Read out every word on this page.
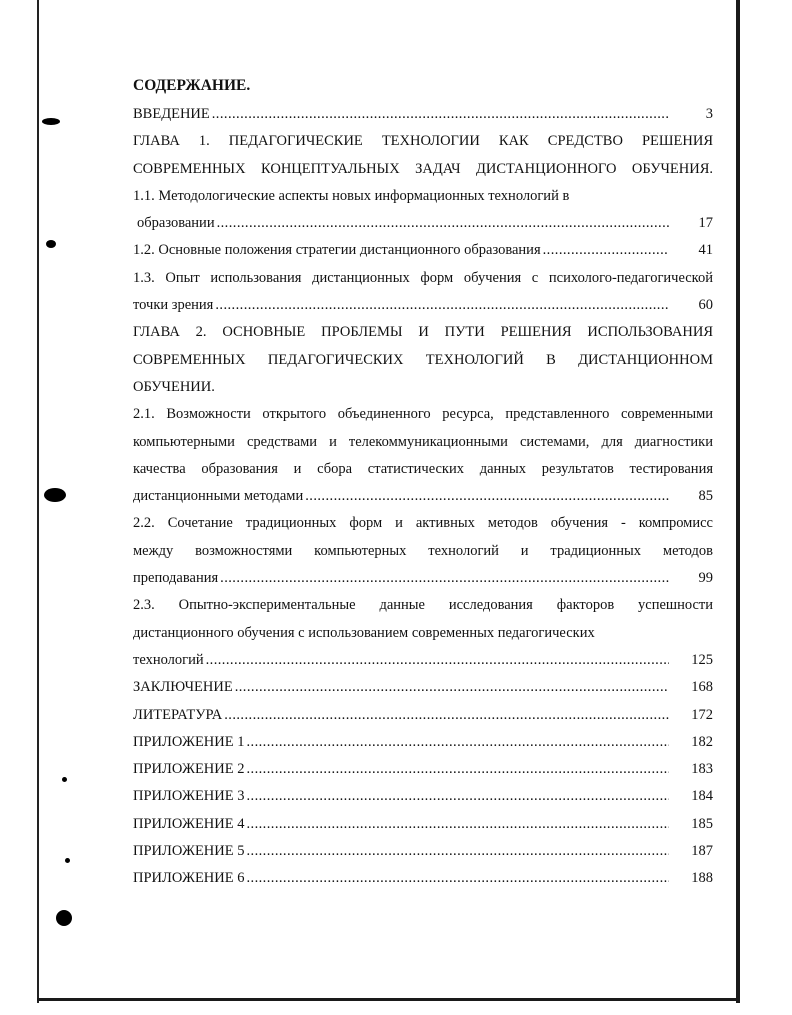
СОДЕРЖАНИЕ.
ВВЕДЕНИЕ . . .	3
ГЛАВА 1. ПЕДАГОГИЧЕСКИЕ ТЕХНОЛОГИИ КАК СРЕДСТВО РЕШЕНИЯ
СОВРЕМЕННЫХ КОНЦЕПТУАЛЬНЫХ ЗАДАЧ ДИСТАНЦИОННОГО ОБУЧЕНИЯ.
1.1. Методологические аспекты новых информационных технологий в
образовании . . .	17
1.2. Основные положения стратегии дистанционного образования . . .	41
1.3. Опыт использования дистанционных форм обучения с психолого-педагогической
точки зрения . . .	60
ГЛАВА 2. ОСНОВНЫЕ ПРОБЛЕМЫ И ПУТИ РЕШЕНИЯ ИСПОЛЬЗОВАНИЯ
СОВРЕМЕННЫХ ПЕДАГОГИЧЕСКИХ ТЕХНОЛОГИЙ В ДИСТАНЦИОННОМ
ОБУЧЕНИИ.
2.1. Возможности открытого объединенного ресурса, представленного современными
компьютерными средствами и телекоммуникационными системами, для диагностики
качества образования и сбора статистических данных результатов тестирования
дистанционными методами . . .	85
2.2. Сочетание традиционных форм и активных методов обучения - компромисс
между возможностями компьютерных технологий и традиционных методов
преподавания . . .	99
2.3. Опытно-экспериментальные данные исследования факторов успешности
дистанционного обучения с использованием современных педагогических
технологий . . .	125
ЗАКЛЮЧЕНИЕ . . .	168
ЛИТЕРАТУРА . . .	172
ПРИЛОЖЕНИЕ 1 . . .	182
ПРИЛОЖЕНИЕ 2 . . .	183
ПРИЛОЖЕНИЕ 3 . . .	184
ПРИЛОЖЕНИЕ 4 . . .	185
ПРИЛОЖЕНИЕ 5 . . .	187
ПРИЛОЖЕНИЕ 6 . . .	188
